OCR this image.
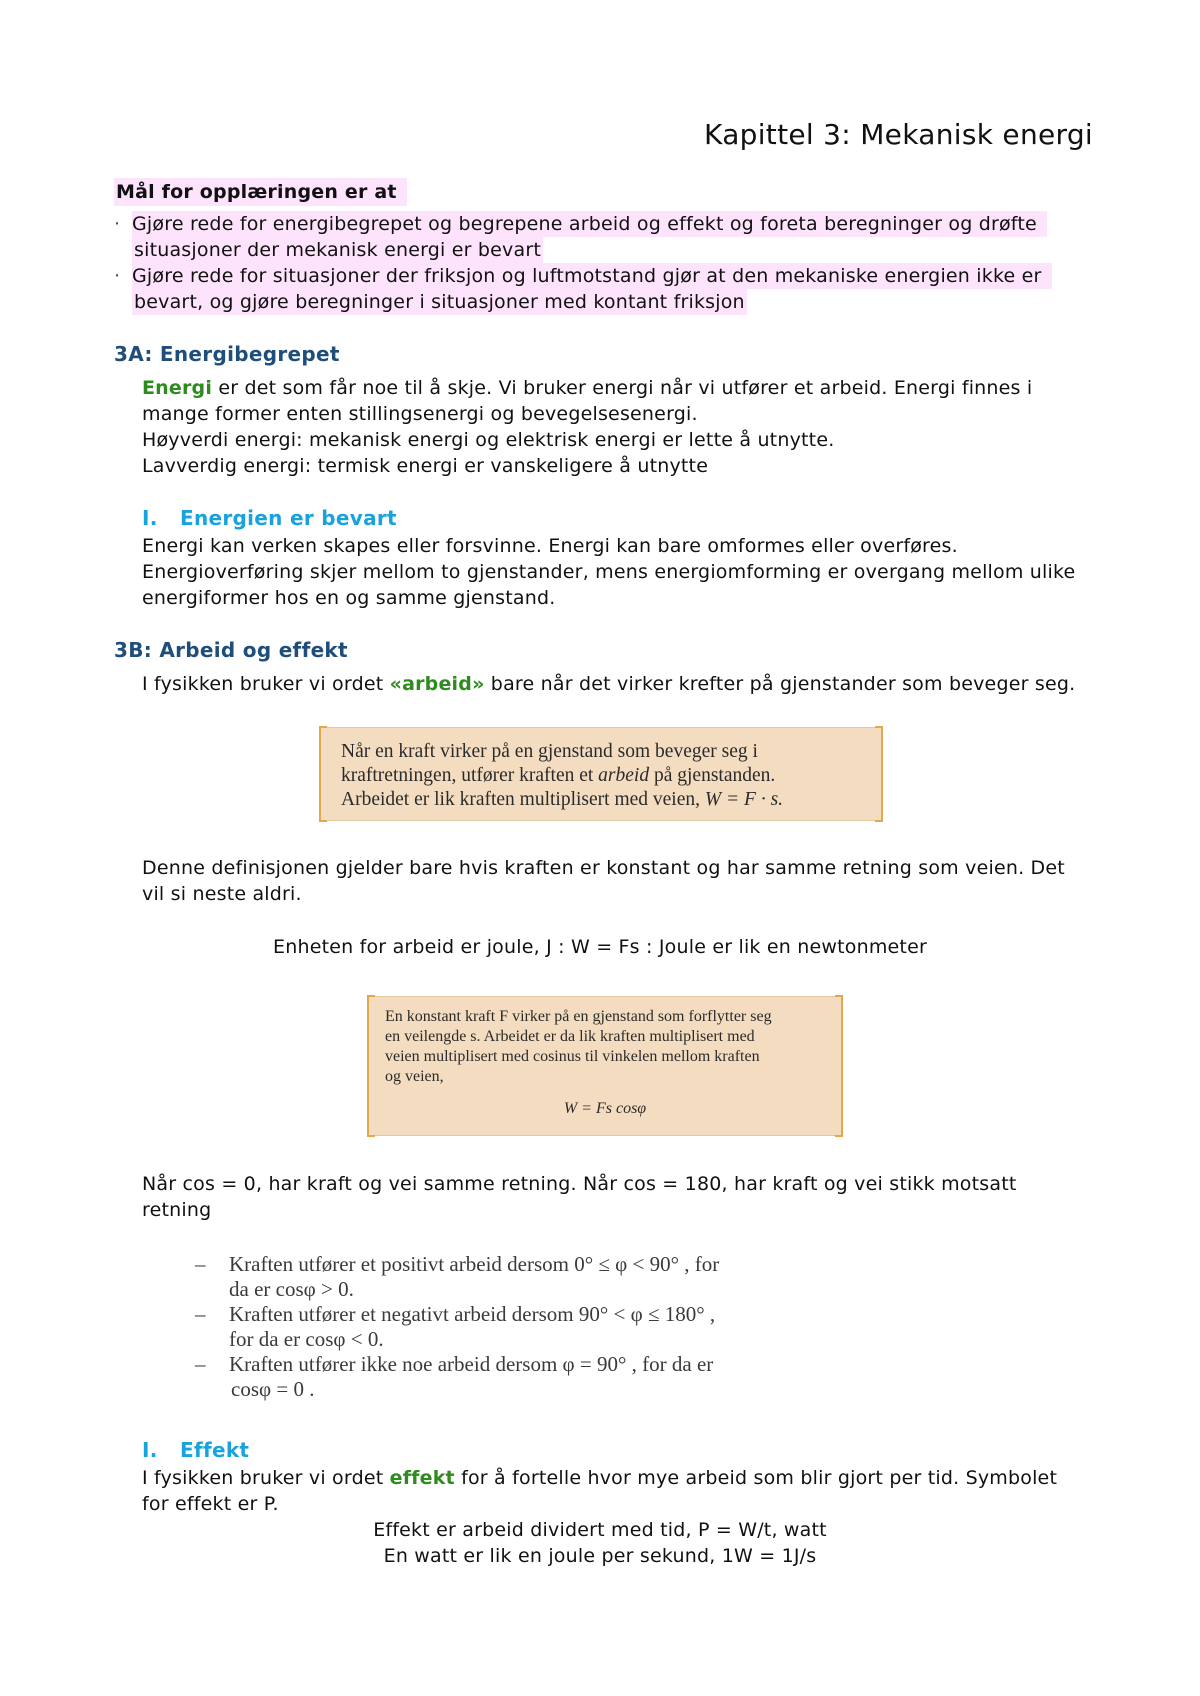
Kapittel 3: Mekanisk energi
Mål for opplæringen er at
· Gjøre rede for energibegrepet og begrepene arbeid og effekt og foreta beregninger og drøfte
situasjoner der mekanisk energi er bevart
· Gjøre rede for situasjoner der friksjon og luftmotstand gjør at den mekaniske energien ikke er
bevart, og gjøre beregninger i situasjoner med kontant friksjon
3A: Energibegrepet
Energi er det som får noe til å skje. Vi bruker energi når vi utfører et arbeid. Energi finnes i
mange former enten stillingsenergi og bevegelsesenergi.
Høyverdi energi: mekanisk energi og elektrisk energi er lette å utnytte.
Lavverdig energi: termisk energi er vanskeligere å utnytte
I. Energien er bevart
Energi kan verken skapes eller forsvinne. Energi kan bare omformes eller overføres.
Energioverføring skjer mellom to gjenstander, mens energiomforming er overgang mellom ulike
energiformer hos en og samme gjenstand.
3B: Arbeid og effekt
I fysikken bruker vi ordet «arbeid» bare når det virker krefter på gjenstander som beveger seg.
Når en kraft virker på en gjenstand som beveger seg i
kraftretningen, utfører kraften et arbeid på gjenstanden.
Arbeidet er lik kraften multiplisert med veien, W = F · s.
Denne definisjonen gjelder bare hvis kraften er konstant og har samme retning som veien. Det
vil si neste aldri.
Enheten for arbeid er joule, J : W = Fs : Joule er lik en newtonmeter
En konstant kraft F virker på en gjenstand som forflytter seg
en veilengde s. Arbeidet er da lik kraften multiplisert med
veien multiplisert med cosinus til vinkelen mellom kraften
og veien,
W = Fs cosφ
Når cos = 0, har kraft og vei samme retning. Når cos = 180, har kraft og vei stikk motsatt
retning
– Kraften utfører et positivt arbeid dersom 0° ≤ φ < 90° , for
da er cosφ > 0.
– Kraften utfører et negativt arbeid dersom 90° < φ ≤ 180° ,
for da er cosφ < 0.
– Kraften utfører ikke noe arbeid dersom φ = 90° , for da er
cosφ = 0 .
I. Effekt
I fysikken bruker vi ordet effekt for å fortelle hvor mye arbeid som blir gjort per tid. Symbolet
for effekt er P.
Effekt er arbeid dividert med tid, P = W/t, watt
En watt er lik en joule per sekund, 1W = 1J/s
